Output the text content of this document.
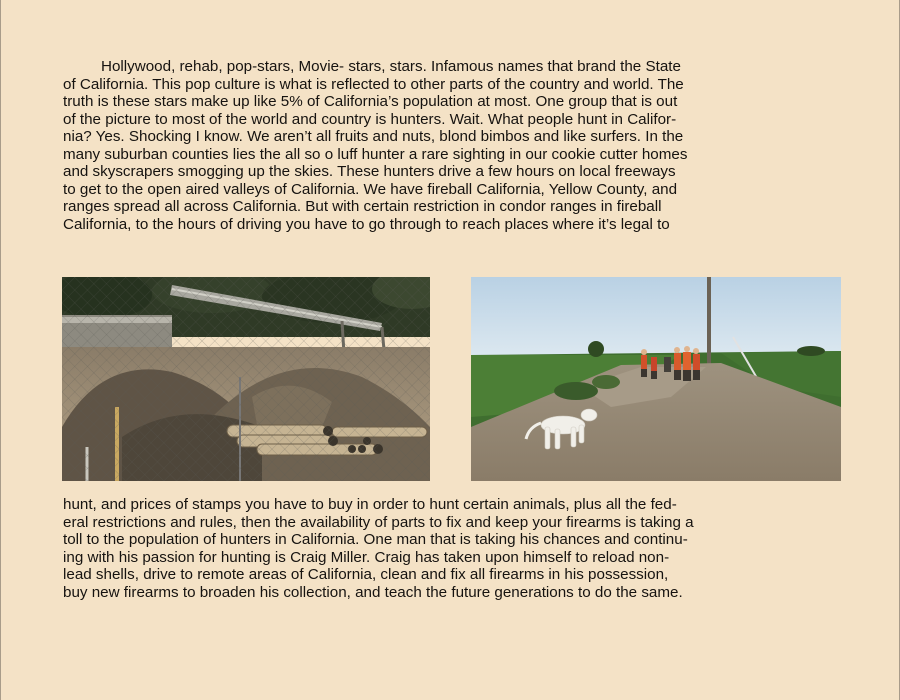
Hollywood, rehab, pop-stars, Movie- stars, stars. Infamous names that brand the State
of California. This pop culture is what is reflected to other parts of the country and world. The
truth is these stars make up like 5% of California’s population at most. One group that is out
of the picture to most of the world and country is hunters. Wait. What people hunt in Califor-
nia? Yes. Shocking I know. We aren’t all fruits and nuts, blond bimbos and like surfers. In the
many suburban counties lies the all so o luff hunter a rare sighting in our cookie cutter homes
and skyscrapers smogging up the skies. These hunters drive a few hours on local freeways
to get to the open aired valleys of California. We have fireball California, Yellow County, and
ranges spread all across California. But with certain restriction in condor ranges in fireball
California, to the hours of driving you have to go through to reach places where it’s legal to
hunt, and prices of stamps you have to buy in order to hunt certain animals, plus all the fed-
eral restrictions and rules, then the availability of parts to fix and keep your firearms is taking a
toll to the population of hunters in California. One man that is taking his chances and continu-
ing with his passion for hunting is Craig Miller. Craig has taken upon himself to reload non-
lead shells, drive to remote areas of California, clean and fix all firearms in his possession,
buy new firearms to broaden his collection, and teach the future generations to do the same.
